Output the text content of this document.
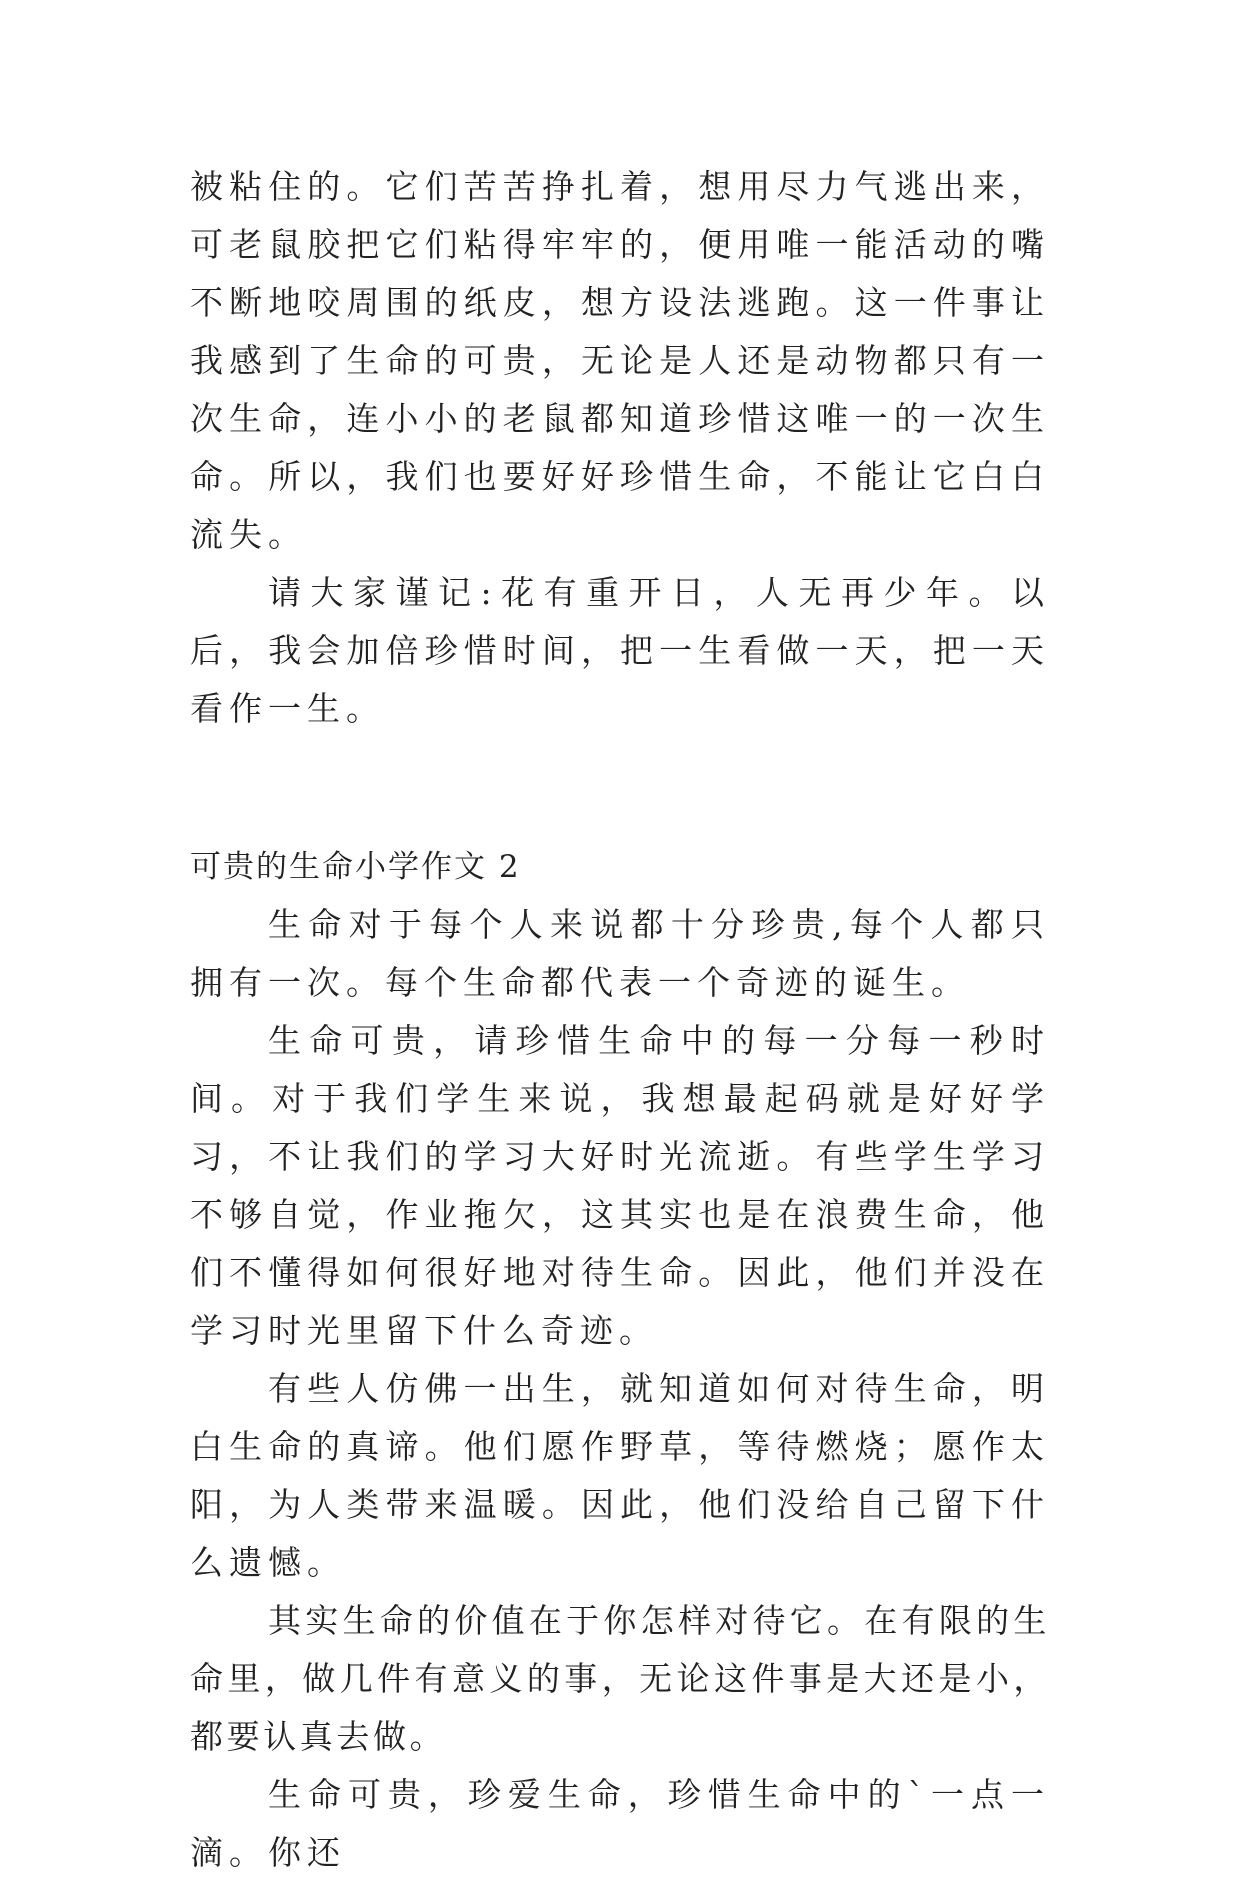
被粘住的。它们苦苦挣扎着，想用尽力气逃出来，可老鼠胶把它们粘得牢牢的，便用唯一能活动的嘴不断地咬周围的纸皮，想方设法逃跑。这一件事让我感到了生命的可贵，无论是人还是动物都只有一次生命，连小小的老鼠都知道珍惜这唯一的一次生命。所以，我们也要好好珍惜生命，不能让它白白流失。

请大家谨记:花有重开日，人无再少年。以后，我会加倍珍惜时间，把一生看做一天，把一天看作一生。

可贵的生命小学作文 2

生命对于每个人来说都十分珍贵,每个人都只拥有一次。每个生命都代表一个奇迹的诞生。

生命可贵，请珍惜生命中的每一分每一秒时间。对于我们学生来说，我想最起码就是好好学习，不让我们的学习大好时光流逝。有些学生学习不够自觉，作业拖欠，这其实也是在浪费生命，他们不懂得如何很好地对待生命。因此，他们并没在学习时光里留下什么奇迹。

有些人仿佛一出生，就知道如何对待生命，明白生命的真谛。他们愿作野草，等待燃烧；愿作太阳，为人类带来温暖。因此，他们没给自己留下什么遗憾。

其实生命的价值在于你怎样对待它。在有限的生命里，做几件有意义的事，无论这件事是大还是小，都要认真去做。

生命可贵，珍爱生命，珍惜生命中的`一点一滴。你还
